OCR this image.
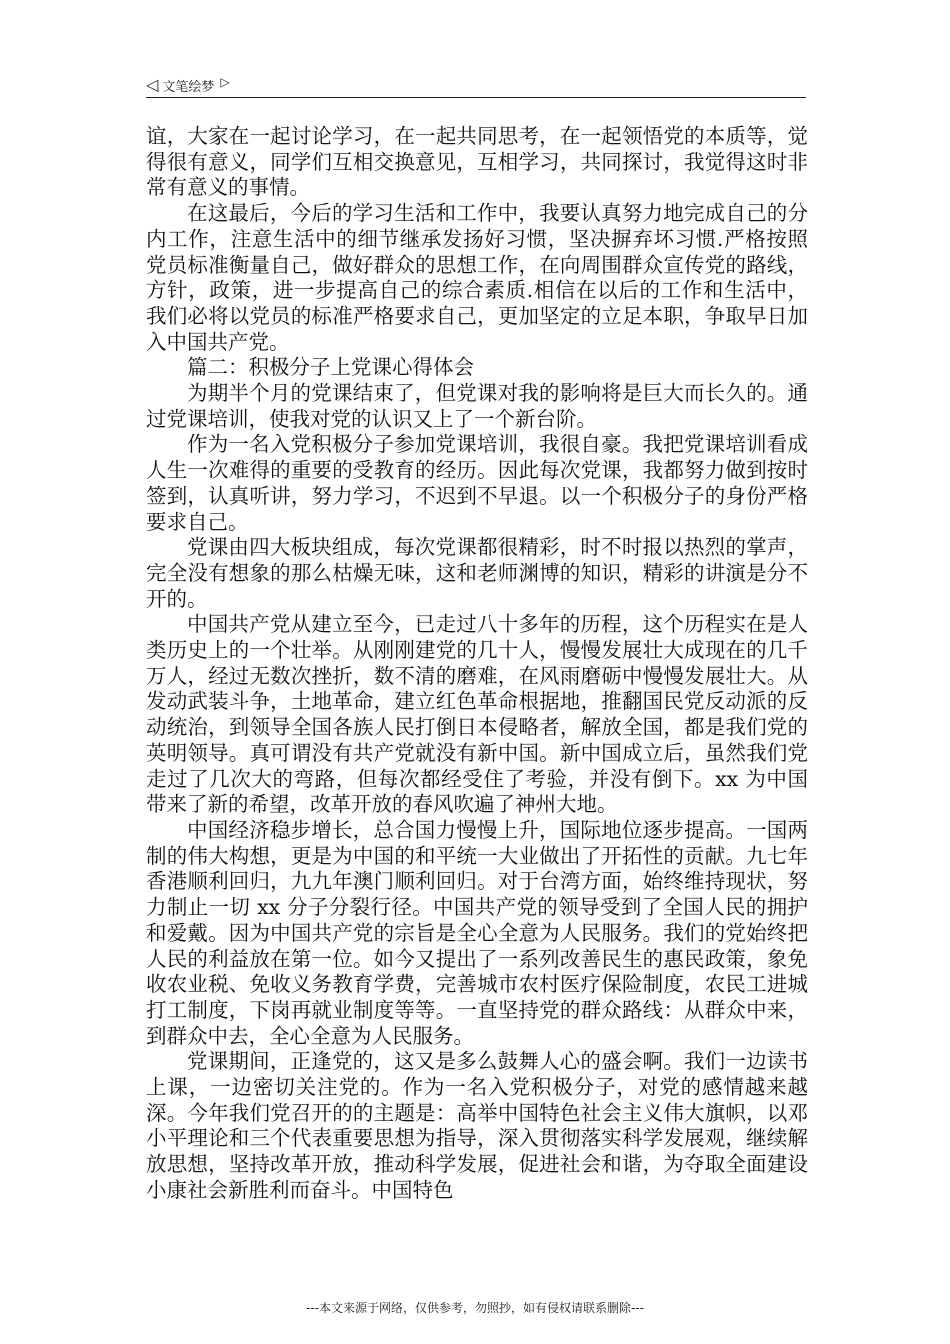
◁ 文笔绘梦 ▷

谊，大家在一起讨论学习，在一起共同思考，在一起领悟党的本质等，觉得很有意义，同学们互相交换意见，互相学习，共同探讨，我觉得这时非常有意义的事情。

在这最后，今后的学习生活和工作中，我要认真努力地完成自己的分内工作，注意生活中的细节继承发扬好习惯，坚决摒弃坏习惯.严格按照党员标准衡量自己，做好群众的思想工作，在向周围群众宣传党的路线，方针，政策，进一步提高自己的综合素质.相信在以后的工作和生活中，我们必将以党员的标准严格要求自己，更加坚定的立足本职，争取早日加入中国共产党。

篇二：积极分子上党课心得体会

为期半个月的党课结束了，但党课对我的影响将是巨大而长久的。通过党课培训，使我对党的认识又上了一个新台阶。

作为一名入党积极分子参加党课培训，我很自豪。我把党课培训看成人生一次难得的重要的受教育的经历。因此每次党课，我都努力做到按时签到，认真听讲，努力学习，不迟到不早退。以一个积极分子的身份严格要求自己。

党课由四大板块组成，每次党课都很精彩，时不时报以热烈的掌声，完全没有想象的那么枯燥无味，这和老师渊博的知识，精彩的讲演是分不开的。

中国共产党从建立至今，已走过八十多年的历程，这个历程实在是人类历史上的一个壮举。从刚刚建党的几十人，慢慢发展壮大成现在的几千万人，经过无数次挫折，数不清的磨难，在风雨磨砺中慢慢发展壮大。从发动武装斗争，土地革命，建立红色革命根据地，推翻国民党反动派的反动统治，到领导全国各族人民打倒日本侵略者，解放全国，都是我们党的英明领导。真可谓没有共产党就没有新中国。新中国成立后，虽然我们党走过了几次大的弯路，但每次都经受住了考验，并没有倒下。xx 为中国带来了新的希望，改革开放的春风吹遍了神州大地。

中国经济稳步增长，总合国力慢慢上升，国际地位逐步提高。一国两制的伟大构想，更是为中国的和平统一大业做出了开拓性的贡献。九七年香港顺利回归，九九年澳门顺利回归。对于台湾方面，始终维持现状，努力制止一切 xx 分子分裂行径。中国共产党的领导受到了全国人民的拥护和爱戴。因为中国共产党的宗旨是全心全意为人民服务。我们的党始终把人民的利益放在第一位。如今又提出了一系列改善民生的惠民政策，象免收农业税、免收义务教育学费，完善城市农村医疗保险制度，农民工进城打工制度，下岗再就业制度等等。一直坚持党的群众路线：从群众中来，到群众中去，全心全意为人民服务。

党课期间，正逢党的，这又是多么鼓舞人心的盛会啊。我们一边读书上课，一边密切关注党的。作为一名入党积极分子，对党的感情越来越深。今年我们党召开的的主题是：高举中国特色社会主义伟大旗帜，以邓小平理论和三个代表重要思想为指导，深入贯彻落实科学发展观，继续解放思想，坚持改革开放，推动科学发展，促进社会和谐，为夺取全面建设小康社会新胜利而奋斗。中国特色

---本文来源于网络，仅供参考，勿照抄，如有侵权请联系删除---
